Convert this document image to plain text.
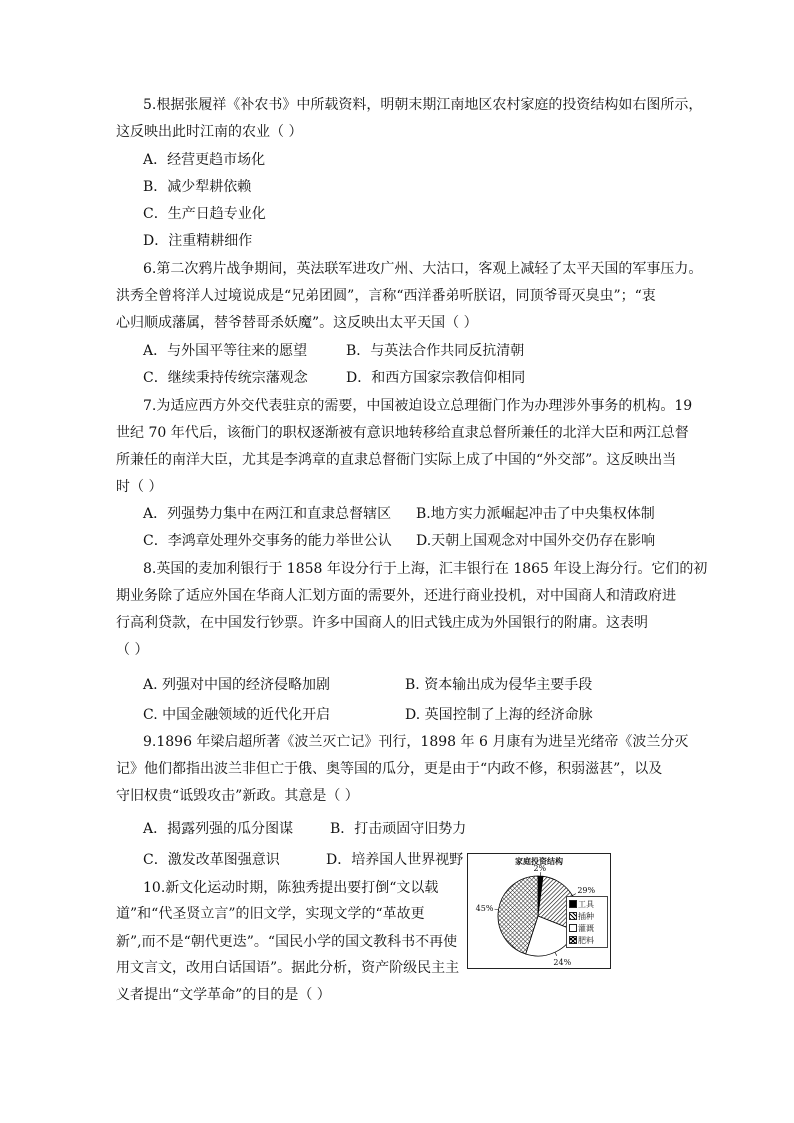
5.根据张履祥《补农书》中所载资料，明朝末期江南地区农村家庭的投资结构如右图所示，
这反映出此时江南的农业（ ）
A．经营更趋市场化
B．减少犁耕依赖
C．生产日趋专业化
D．注重精耕细作
6.第二次鸦片战争期间，英法联军进攻广州、大沽口，客观上减轻了太平天国的军事压力。
洪秀全曾将洋人过境说成是“兄弟团圆”，言称“西洋番弟听朕诏，同顶爷哥灭臭虫”；“衷
心归顺成藩属，替爷替哥杀妖魔”。这反映出太平天国（ ）
A．与外国平等往来的愿望	B．与英法合作共同反抗清朝
C．继续秉持传统宗藩观念	D．和西方国家宗教信仰相同
7.为适应西方外交代表驻京的需要，中国被迫设立总理衙门作为办理涉外事务的机构。19
世纪 70 年代后，该衙门的职权逐渐被有意识地转移给直隶总督所兼任的北洋大臣和两江总督
所兼任的南洋大臣，尤其是李鸿章的直隶总督衙门实际上成了中国的“外交部”。这反映出当
时（ ）
A．列强势力集中在两江和直隶总督辖区 B.地方实力派崛起冲击了中央集权体制
C．李鸿章处理外交事务的能力举世公认 D.天朝上国观念对中国外交仍存在影响
8.英国的麦加利银行于 1858 年设分行于上海，汇丰银行在 1865 年设上海分行。它们的初
期业务除了适应外国在华商人汇划方面的需要外，还进行商业投机，对中国商人和清政府进
行高利贷款，在中国发行钞票。许多中国商人的旧式钱庄成为外国银行的附庸。这表明
（ ）
A. 列强对中国的经济侵略加剧	B. 资本输出成为侵华主要手段
C. 中国金融领域的近代化开启	D. 英国控制了上海的经济命脉
9.1896 年梁启超所著《波兰灭亡记》刊行，1898 年 6 月康有为进呈光绪帝《波兰分灭
记》他们都指出波兰非但亡于俄、奥等国的瓜分，更是由于“内政不修，积弱滋甚”，以及
守旧权贵“诋毁攻击”新政。其意是（ ）
A．揭露列强的瓜分图谋	B．打击顽固守旧势力
C．激发改革图强意识	D．培养国人世界视野
10.新文化运动时期，陈独秀提出要打倒“文以载
道”和“代圣贤立言”的旧文学，实现文学的“革故更
新”,而不是“朝代更迭”。“国民小学的国文教科书不再使
用文言文，改用白话国语”。据此分析，资产阶级民主主
义者提出“文学革命”的目的是（ ）
家庭投资结构
2%
29%
24%
45%	工具
插种
灌溉
肥料
